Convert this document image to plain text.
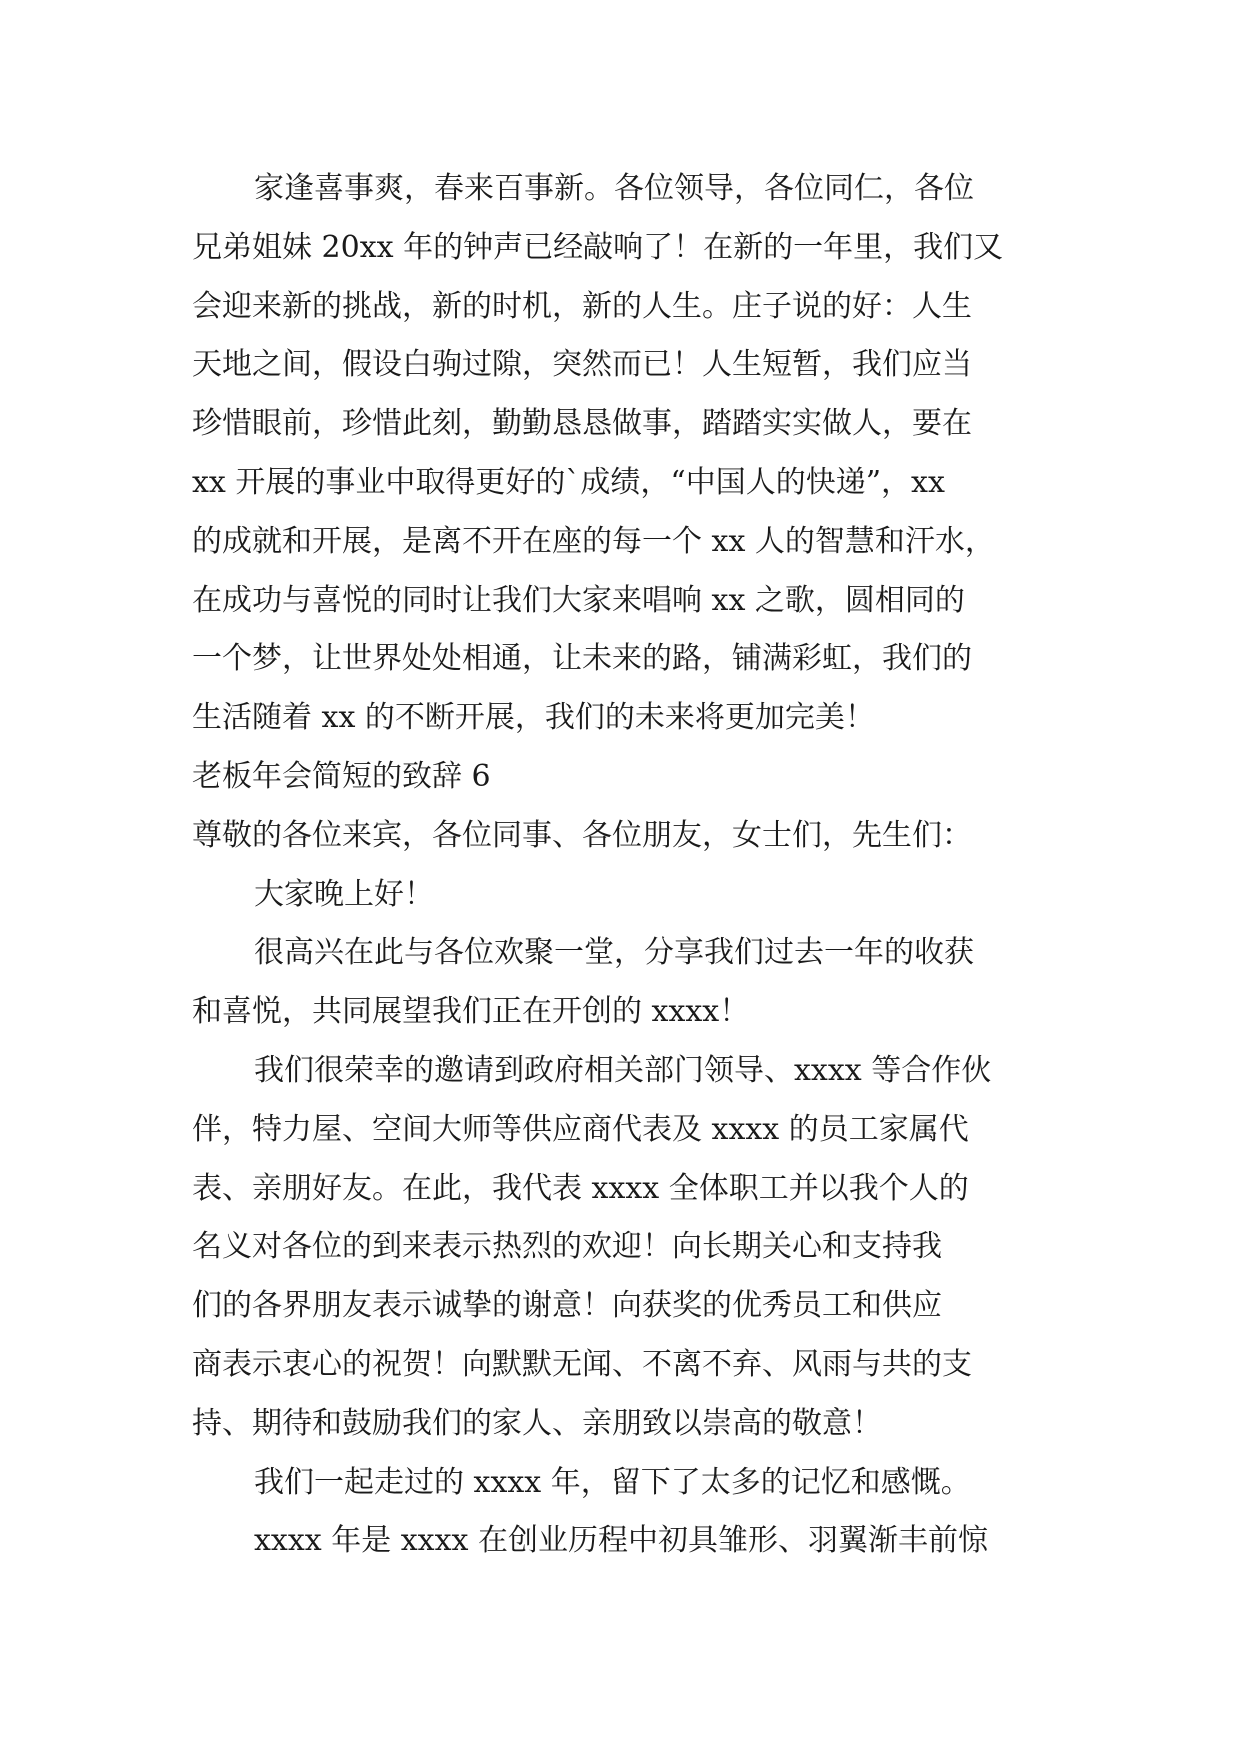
家逢喜事爽，春来百事新。各位领导，各位同仁，各位
兄弟姐妹 20xx 年的钟声已经敲响了！在新的一年里，我们又
会迎来新的挑战，新的时机，新的人生。庄子说的好：人生
天地之间，假设白驹过隙，突然而已！人生短暂，我们应当
珍惜眼前，珍惜此刻，勤勤恳恳做事，踏踏实实做人，要在
xx 开展的事业中取得更好的`成绩，“中国人的快递”，xx
的成就和开展，是离不开在座的每一个 xx 人的智慧和汗水，
在成功与喜悦的同时让我们大家来唱响 xx 之歌，圆相同的
一个梦，让世界处处相通，让未来的路，铺满彩虹，我们的
生活随着 xx 的不断开展，我们的未来将更加完美！
老板年会简短的致辞 6
尊敬的各位来宾，各位同事、各位朋友，女士们，先生们：
大家晚上好！
很高兴在此与各位欢聚一堂，分享我们过去一年的收获
和喜悦，共同展望我们正在开创的 xxxx！
我们很荣幸的邀请到政府相关部门领导、xxxx 等合作伙
伴，特力屋、空间大师等供应商代表及 xxxx 的员工家属代
表、亲朋好友。在此，我代表 xxxx 全体职工并以我个人的
名义对各位的到来表示热烈的欢迎！向长期关心和支持我
们的各界朋友表示诚挚的谢意！向获奖的优秀员工和供应
商表示衷心的祝贺！向默默无闻、不离不弃、风雨与共的支
持、期待和鼓励我们的家人、亲朋致以崇高的敬意！
我们一起走过的 xxxx 年，留下了太多的记忆和感慨。
xxxx 年是 xxxx 在创业历程中初具雏形、羽翼渐丰前惊
